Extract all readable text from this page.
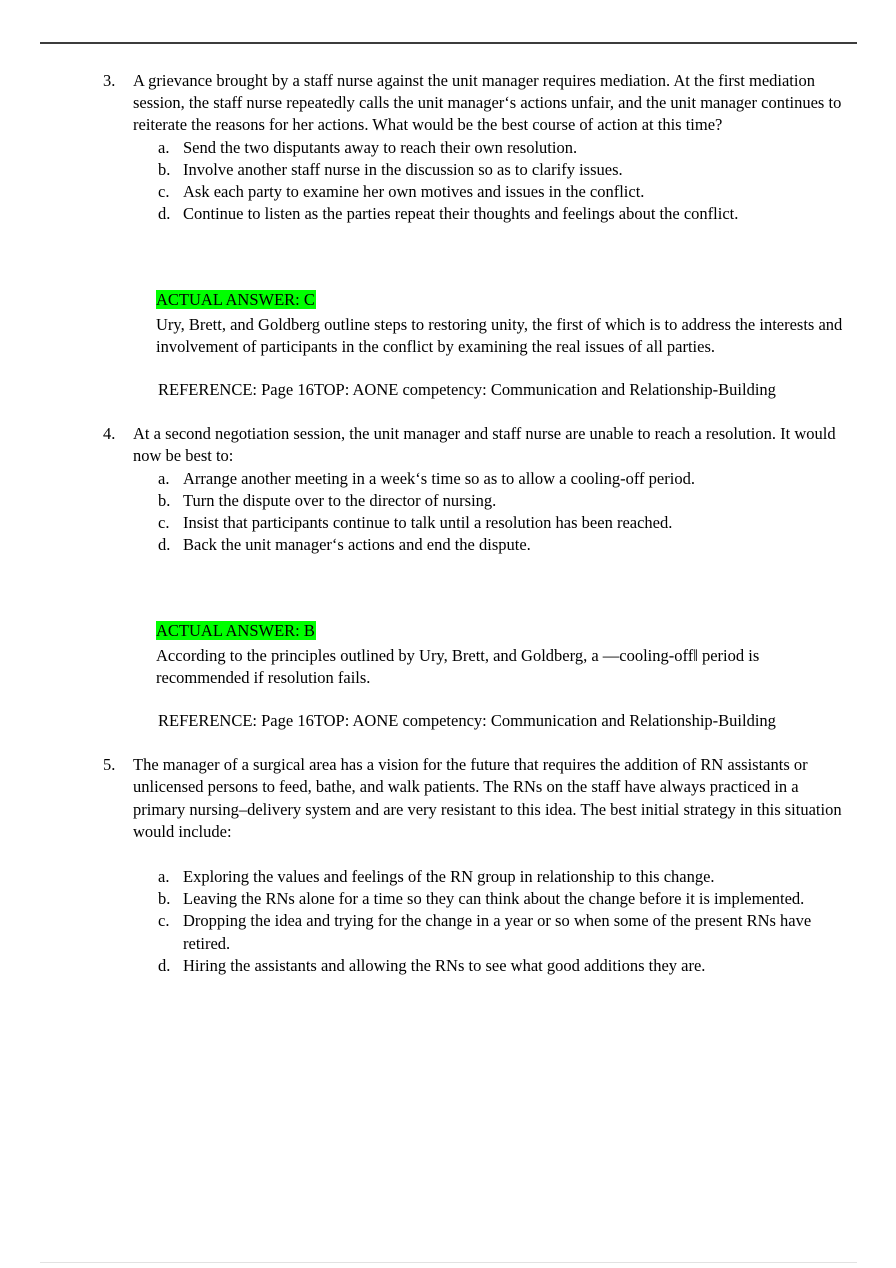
3.	A grievance brought by a staff nurse against the unit manager requires mediation. At the first mediation session, the staff nurse repeatedly calls the unit manager‘s actions unfair, and the unit manager continues to reiterate the reasons for her actions. What would be the best course of action at this time?
a. Send the two disputants away to reach their own resolution.
b. Involve another staff nurse in the discussion so as to clarify issues.
c. Ask each party to examine her own motives and issues in the conflict.
d. Continue to listen as the parties repeat their thoughts and feelings about the conflict.
ACTUAL ANSWER: C
Ury, Brett, and Goldberg outline steps to restoring unity, the first of which is to address the interests and involvement of participants in the conflict by examining the real issues of all parties.
REFERENCE: Page 16TOP: AONE competency: Communication and Relationship-Building
4.	At a second negotiation session, the unit manager and staff nurse are unable to reach a resolution. It would now be best to:
a. Arrange another meeting in a week‘s time so as to allow a cooling-off period.
b. Turn the dispute over to the director of nursing.
c. Insist that participants continue to talk until a resolution has been reached.
d. Back the unit manager‘s actions and end the dispute.
ACTUAL ANSWER: B
According to the principles outlined by Ury, Brett, and Goldberg, a —cooling-off‖ period is recommended if resolution fails.
REFERENCE: Page 16TOP: AONE competency: Communication and Relationship-Building
5.	The manager of a surgical area has a vision for the future that requires the addition of RN assistants or unlicensed persons to feed, bathe, and walk patients. The RNs on the staff have always practiced in a primary nursing–delivery system and are very resistant to this idea. The best initial strategy in this situation would include:
a. Exploring the values and feelings of the RN group in relationship to this change.
b. Leaving the RNs alone for a time so they can think about the change before it is implemented.
c. Dropping the idea and trying for the change in a year or so when some of the present RNs have retired.
d. Hiring the assistants and allowing the RNs to see what good additions they are.
